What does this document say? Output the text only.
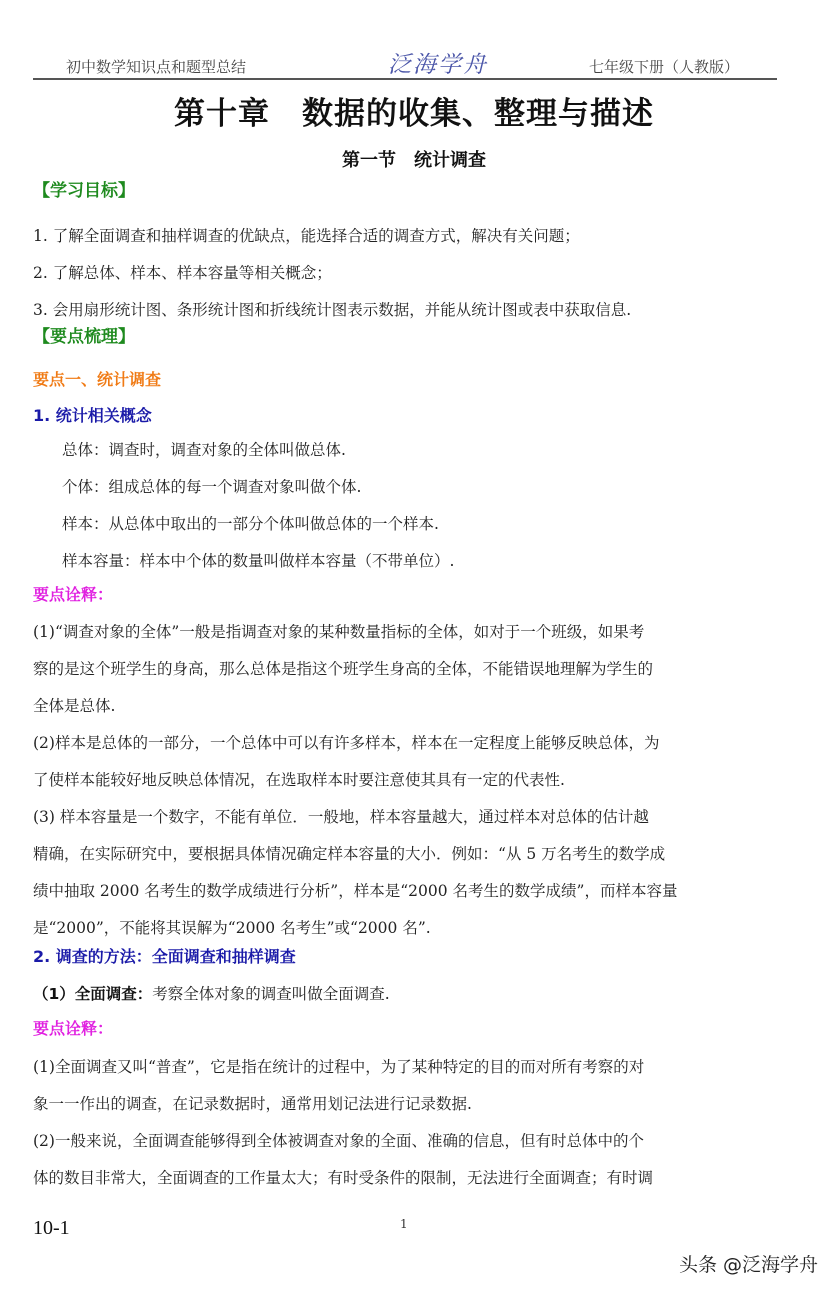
初中数学知识点和题型总结	泛海学舟	七年级下册（人教版）
第十章　数据的收集、整理与描述
第一节　统计调查
【学习目标】
1. 了解全面调查和抽样调查的优缺点，能选择合适的调查方式，解决有关问题；
2. 了解总体、样本、样本容量等相关概念；
3. 会用扇形统计图、条形统计图和折线统计图表示数据，并能从统计图或表中获取信息.
【要点梳理】
要点一、统计调查
1. 统计相关概念
总体：调查时，调查对象的全体叫做总体.
个体：组成总体的每一个调查对象叫做个体.
样本：从总体中取出的一部分个体叫做总体的一个样本.
样本容量：样本中个体的数量叫做样本容量（不带单位）.
要点诠释：
(1)“调查对象的全体”一般是指调查对象的某种数量指标的全体，如对于一个班级，如果考
察的是这个班学生的身高，那么总体是指这个班学生身高的全体，不能错误地理解为学生的
全体是总体.
(2)样本是总体的一部分，一个总体中可以有许多样本，样本在一定程度上能够反映总体，为
了使样本能较好地反映总体情况，在选取样本时要注意使其具有一定的代表性.
(3) 样本容量是一个数字，不能有单位．一般地，样本容量越大，通过样本对总体的估计越
精确，在实际研究中，要根据具体情况确定样本容量的大小．例如：“从 5 万名考生的数学成
绩中抽取 2000 名考生的数学成绩进行分析”，样本是“2000 名考生的数学成绩”，而样本容量
是“2000”，不能将其误解为“2000 名考生”或“2000 名”.
2. 调查的方法：全面调查和抽样调查
（1）全面调查：考察全体对象的调查叫做全面调查.
要点诠释：
(1)全面调查又叫“普查”，它是指在统计的过程中，为了某种特定的目的而对所有考察的对
象一一作出的调查，在记录数据时，通常用划记法进行记录数据.
(2)一般来说，全面调查能够得到全体被调查对象的全面、准确的信息，但有时总体中的个
体的数目非常大，全面调查的工作量太大；有时受条件的限制，无法进行全面调查；有时调
10-1	1
头条 @泛海学舟
